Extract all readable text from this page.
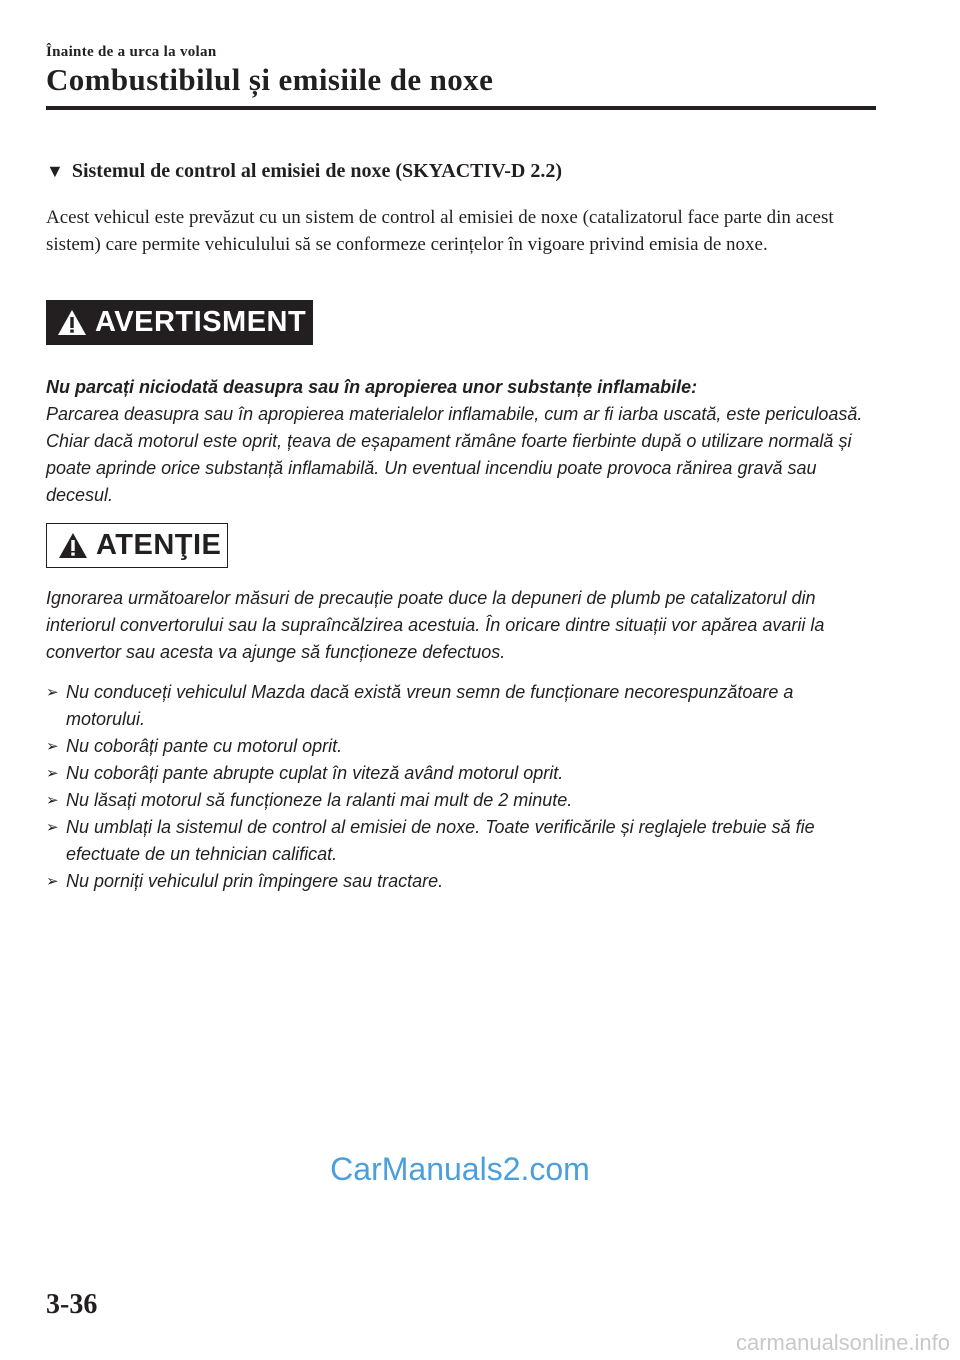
Înainte de a urca la volan
Combustibilul și emisiile de noxe
▼ Sistemul de control al emisiei de noxe (SKYACTIV-D 2.2)

Acest vehicul este prevăzut cu un sistem de control al emisiei de noxe (catalizatorul face parte din acest sistem) care permite vehiculului să se conformeze cerințelor în vigoare privind emisia de noxe.

AVERTISMENT
Nu parcați niciodată deasupra sau în apropierea unor substanțe inflamabile:
Parcarea deasupra sau în apropierea materialelor inflamabile, cum ar fi iarba uscată, este periculoasă. Chiar dacă motorul este oprit, țeava de eșapament rămâne foarte fierbinte după o utilizare normală și poate aprinde orice substanță inflamabilă. Un eventual incendiu poate provoca rănirea gravă sau decesul.
ATENŢIE
Ignorarea următoarelor măsuri de precauție poate duce la depuneri de plumb pe catalizatorul din interiorul convertorului sau la supraîncălzirea acestuia. În oricare dintre situații vor apărea avarii la convertor sau acesta va ajunge să funcționeze defectuos.
➢ Nu conduceți vehiculul Mazda dacă există vreun semn de funcționare necorespunzătoare a motorului.
➢ Nu coborâți pante cu motorul oprit.
➢ Nu coborâți pante abrupte cuplat în viteză având motorul oprit.
➢ Nu lăsați motorul să funcționeze la ralanti mai mult de 2 minute.
➢ Nu umblați la sistemul de control al emisiei de noxe. Toate verificările și reglajele trebuie să fie efectuate de un tehnician calificat.
➢ Nu porniți vehiculul prin împingere sau tractare.
CarManuals2.com
3-36
carmanualsonline.info
